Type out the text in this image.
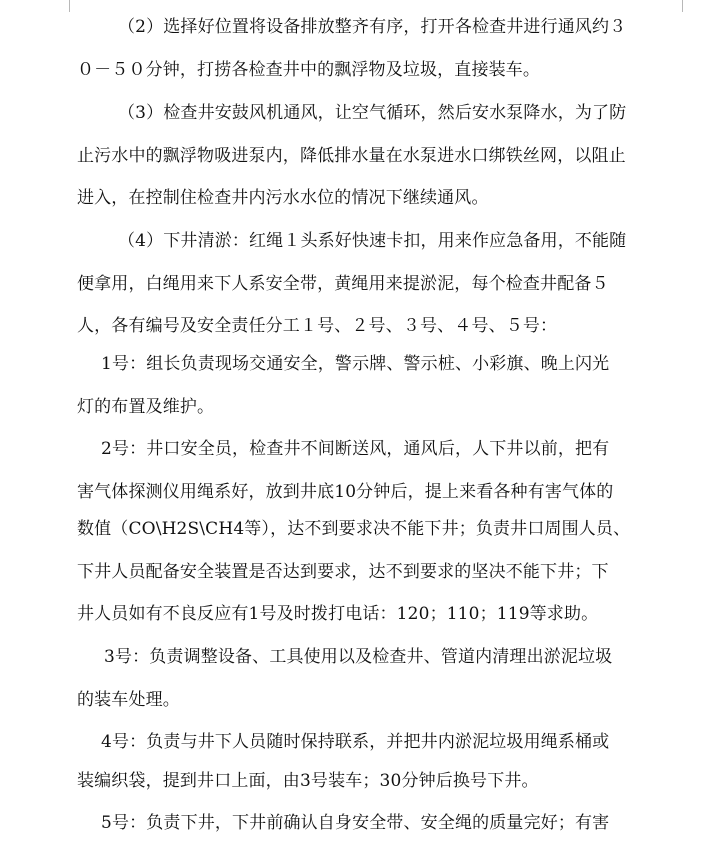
（2）选择好位置将设备排放整齐有序，打开各检查井进行通风约３
０－５０分钟，打捞各检查井中的飘浮物及垃圾，直接装车。
（3）检查井安鼓风机通风，让空气循环，然后安水泵降水，为了防
止污水中的飘浮物吸进泵内，降低排水量在水泵进水口绑铁丝网，以阻止
进入，在控制住检查井内污水水位的情况下继续通风。
（4）下井清淤：红绳１头系好快速卡扣，用来作应急备用，不能随
便拿用，白绳用来下人系安全带，黄绳用来提淤泥，每个检查井配备５
人，各有编号及安全责任分工１号、２号、３号、４号、５号：
1号：组长负责现场交通安全，警示牌、警示桩、小彩旗、晚上闪光
灯的布置及维护。
2号：井口安全员，检查井不间断送风，通风后，人下井以前，把有
害气体探测仪用绳系好，放到井底10分钟后，提上来看各种有害气体的
数值（CO\H2S\CH4等），达不到要求决不能下井；负责井口周围人员、
下井人员配备安全装置是否达到要求，达不到要求的坚决不能下井；下
井人员如有不良反应有1号及时拨打电话：120；110；119等求助。
3号：负责调整设备、工具使用以及检查井、管道内清理出淤泥垃圾
的装车处理。
4号：负责与井下人员随时保持联系，并把井内淤泥垃圾用绳系桶或
装编织袋，提到井口上面，由3号装车；30分钟后换号下井。
5号：负责下井，下井前确认自身安全带、安全绳的质量完好；有害
